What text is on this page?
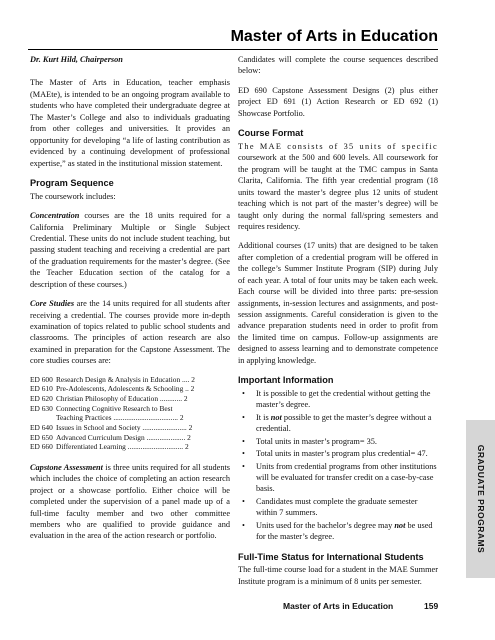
Master of Arts in Education

Dr. Kurt Hild, Chairperson

The Master of Arts in Education, teacher emphasis (MAEte), is intended to be an ongoing program available to students who have completed their undergraduate degree at The Master’s College and also to individuals graduating from other colleges and universities. It provides an opportunity for developing “a life of lasting contribution as evidenced by a continuing development of professional expertise,” as stated in the institutional mission statement.

Program Sequence

The coursework includes:

Concentration courses are the 18 units required for a California Preliminary Multiple or Single Subject Credential. These units do not include student teaching, but passing student teaching and receiving a credential are part of the graduation requirements for the master’s degree. (See the Teacher Education section of the catalog for a description of these courses.)

Core Studies are the 14 units required for all students after receiving a credential. The courses provide more in-depth examination of topics related to public school students and classrooms. The principles of action research are also examined in preparation for the Capstone Assessment. The core studies courses are:

ED 600 Research Design & Analysis in Education .... 2
ED 610 Pre-Adolescents, Adolescents & Schooling .. 2
ED 620 Christian Philosophy of Education ............ 2
ED 630 Connecting Cognitive Research to Best
Teaching Practices ................................... 2
ED 640 Issues in School and Society ........................ 2
ED 650 Advanced Curriculum Design ..................... 2
ED 660 Differentiated Learning .............................. 2

Capstone Assessment is three units required for all students which includes the choice of completing an action research project or a showcase portfolio. Either choice will be completed under the supervision of a panel made up of a full-time faculty member and two other committee members who are qualified to provide guidance and evaluation in the area of the action research or portfolio.

Candidates will complete the course sequences described below:

ED 690 Capstone Assessment Designs (2) plus either project ED 691 (1) Action Research or ED 692 (1) Showcase Portfolio.

Course Format

The MAE consists of 35 units of specific coursework at the 500 and 600 levels. All coursework for the program will be taught at the TMC campus in Santa Clarita, California. The fifth year credential program (18 units toward the master’s degree plus 12 units of student teaching which is not part of the master’s degree) will be taught only during the normal fall/spring semesters and requires residency.

Additional courses (17 units) that are designed to be taken after completion of a credential program will be offered in the college’s Summer Institute Program (SIP) during July of each year. A total of four units may be taken each week. Each course will be divided into three parts: pre-session assignments, in-session lectures and assignments, and post-session assignments. Careful consideration is given to the advance preparation students need in order to profit from the limited time on campus. Follow-up assignments are designed to assess learning and to demonstrate competence in applying knowledge.

Important Information
• It is possible to get the credential without getting the master’s degree.
• It is not possible to get the master’s degree without a credential.
• Total units in master’s program= 35.
• Total units in master’s program plus credential= 47.
• Units from credential programs from other institutions will be evaluated for transfer credit on a case-by-case basis.
• Candidates must complete the graduate semester within 7 summers.
• Units used for the bachelor’s degree may not be used for the master’s degree.
Full-Time Status for International Students

The full-time course load for a student in the MAE Summer Institute program is a minimum of 8 units per semester.

GRADUATE PROGRAMS
Master of Arts in Education	159
